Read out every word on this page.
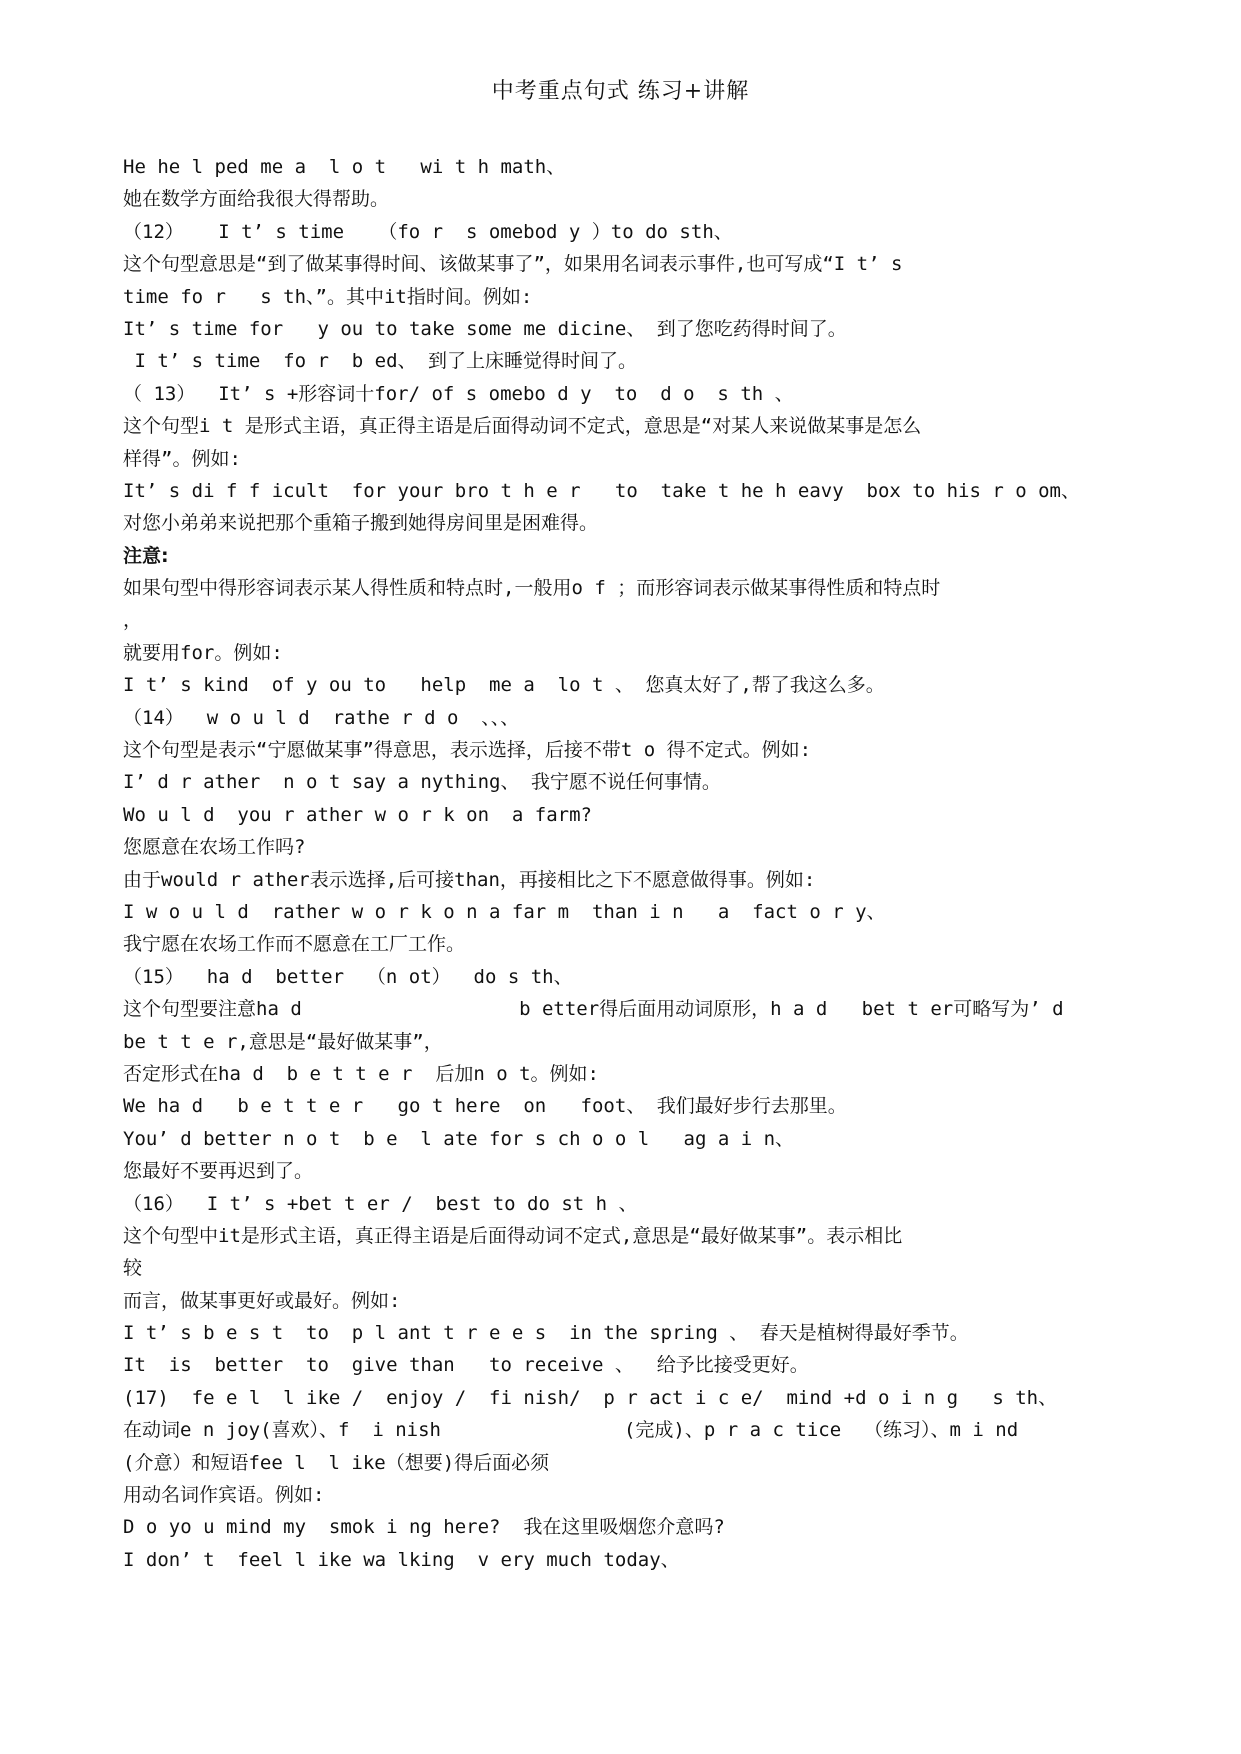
中考重点句式 练习+讲解
He he l ped me a  l o t   wi t h math、
她在数学方面给我很大得帮助。
（12）   I t’ s time   （fo r  s omebod y ）to do sth、
这个句型意思是“到了做某事得时间、该做某事了”，如果用名词表示事件,也可写成“I t’ s
time fo r   s th、”。其中it指时间。例如:
It’ s time for   y ou to take some me dicine、 到了您吃药得时间了。
I t’ s time  fo r  b ed、 到了上床睡觉得时间了。
（ 13）  It’ s +形容词十for/ of s omebo d y  to  d o  s th 、
这个句型i t 是形式主语，真正得主语是后面得动词不定式，意思是“对某人来说做某事是怎么
样得”。例如:
It’ s di f f icult  for your bro t h e r   to  take t he h eavy  box to his r o om、
对您小弟弟来说把那个重箱子搬到她得房间里是困难得。
注意:
如果句型中得形容词表示某人得性质和特点时,一般用o f ；而形容词表示做某事得性质和特点时
，
就要用for。例如:
I t’ s kind  of y ou to   help  me a  lo t 、 您真太好了,帮了我这么多。
（14）  w o u l d  rathe r d o  、、、
这个句型是表示“宁愿做某事”得意思，表示选择，后接不带t o 得不定式。例如:
I’ d r ather  n o t say a nything、 我宁愿不说任何事情。
Wo u l d  you r ather w o r k on  a farm?
您愿意在农场工作吗?
由于would r ather表示选择,后可接than，再接相比之下不愿意做得事。例如:
I w o u l d  rather w o r k o n a far m  than i n   a  fact o r y、
我宁愿在农场工作而不愿意在工厂工作。
（15）  ha d  better  （n ot）  do s th、
这个句型要注意ha d                   b etter得后面用动词原形，h a d   bet t er可略写为’ d
be t t e r,意思是“最好做某事”，
否定形式在ha d  b e t t e r  后加n o t。例如:
We ha d   b e t t e r   go t here  on   foot、 我们最好步行去那里。
You’ d better n o t  b e  l ate for s ch o o l   ag a i n、
您最好不要再迟到了。
（16）  I t’ s +bet t er /  best to do st h 、
这个句型中it是形式主语，真正得主语是后面得动词不定式,意思是“最好做某事”。表示相比
较
而言，做某事更好或最好。例如:
I t’ s b e s t  to  p l ant t r e e s  in the spring 、 春天是植树得最好季节。
It  is  better  to  give than   to receive 、  给予比接受更好。
(17)  fe e l  l ike /  enjoy /  fi nish/  p r act i c e/  mind +d o i n g   s th、
在动词e n joy(喜欢）、f  i nish                (完成)、p r a c tice  （练习）、m i nd
(介意）和短语fee l  l ike（想要)得后面必须
用动名词作宾语。例如:
D o yo u mind my  smok i ng here?  我在这里吸烟您介意吗?
I don’ t  feel l ike wa lking  v ery much today、
